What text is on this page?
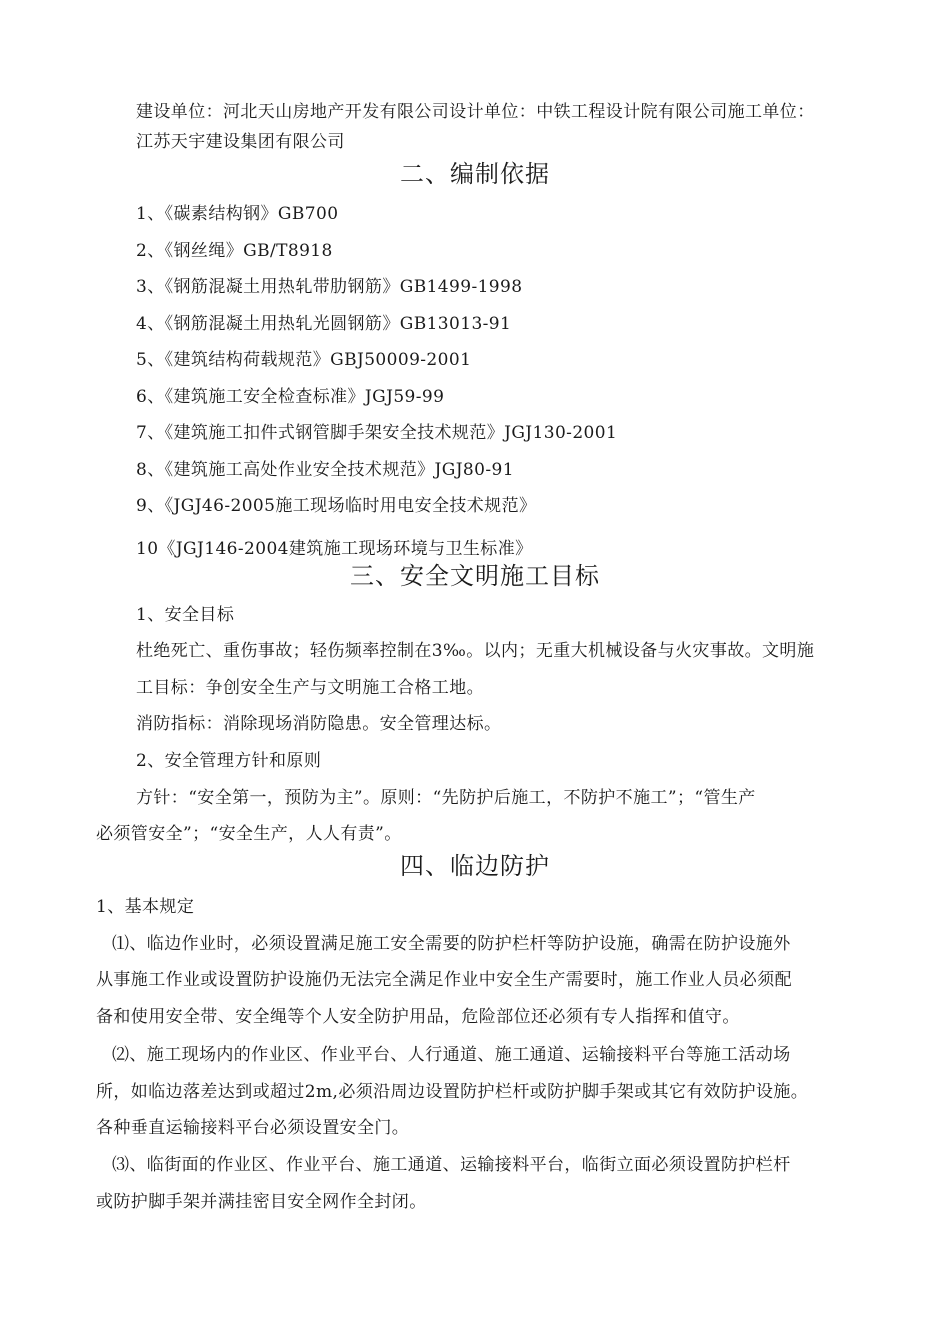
建设单位：河北天山房地产开发有限公司设计单位：中铁工程设计院有限公司施工单位：
江苏天宇建设集团有限公司
二、编制依据
1、《碳素结构钢》GB700
2、《钢丝绳》GB/T8918
3、《钢筋混凝土用热轧带肋钢筋》GB1499-1998
4、《钢筋混凝土用热轧光圆钢筋》GB13013-91
5、《建筑结构荷载规范》GBJ50009-2001
6、《建筑施工安全检查标准》JGJ59-99
7、《建筑施工扣件式钢管脚手架安全技术规范》JGJ130-2001
8、《建筑施工高处作业安全技术规范》JGJ80-91
9、《JGJ46-2005施工现场临时用电安全技术规范》
10《JGJ146-2004建筑施工现场环境与卫生标准》
三、安全文明施工目标
1、安全目标
杜绝死亡、重伤事故；轻伤频率控制在3‰。以内；无重大机械设备与火灾事故。文明施
工目标：争创安全生产与文明施工合格工地。
消防指标：消除现场消防隐患。安全管理达标。
2、安全管理方针和原则
方针：“安全第一，预防为主”。原则：“先防护后施工，不防护不施工”；“管生产
必须管安全”；“安全生产，人人有责”。
四、临边防护
1、基本规定
⑴、临边作业时，必须设置满足施工安全需要的防护栏杆等防护设施，确需在防护设施外
从事施工作业或设置防护设施仍无法完全满足作业中安全生产需要时，施工作业人员必须配
备和使用安全带、安全绳等个人安全防护用品，危险部位还必须有专人指挥和值守。
⑵、施工现场内的作业区、作业平台、人行通道、施工通道、运输接料平台等施工活动场
所，如临边落差达到或超过2m,必须沿周边设置防护栏杆或防护脚手架或其它有效防护设施。
各种垂直运输接料平台必须设置安全门。
⑶、临街面的作业区、作业平台、施工通道、运输接料平台，临街立面必须设置防护栏杆
或防护脚手架并满挂密目安全网作全封闭。
